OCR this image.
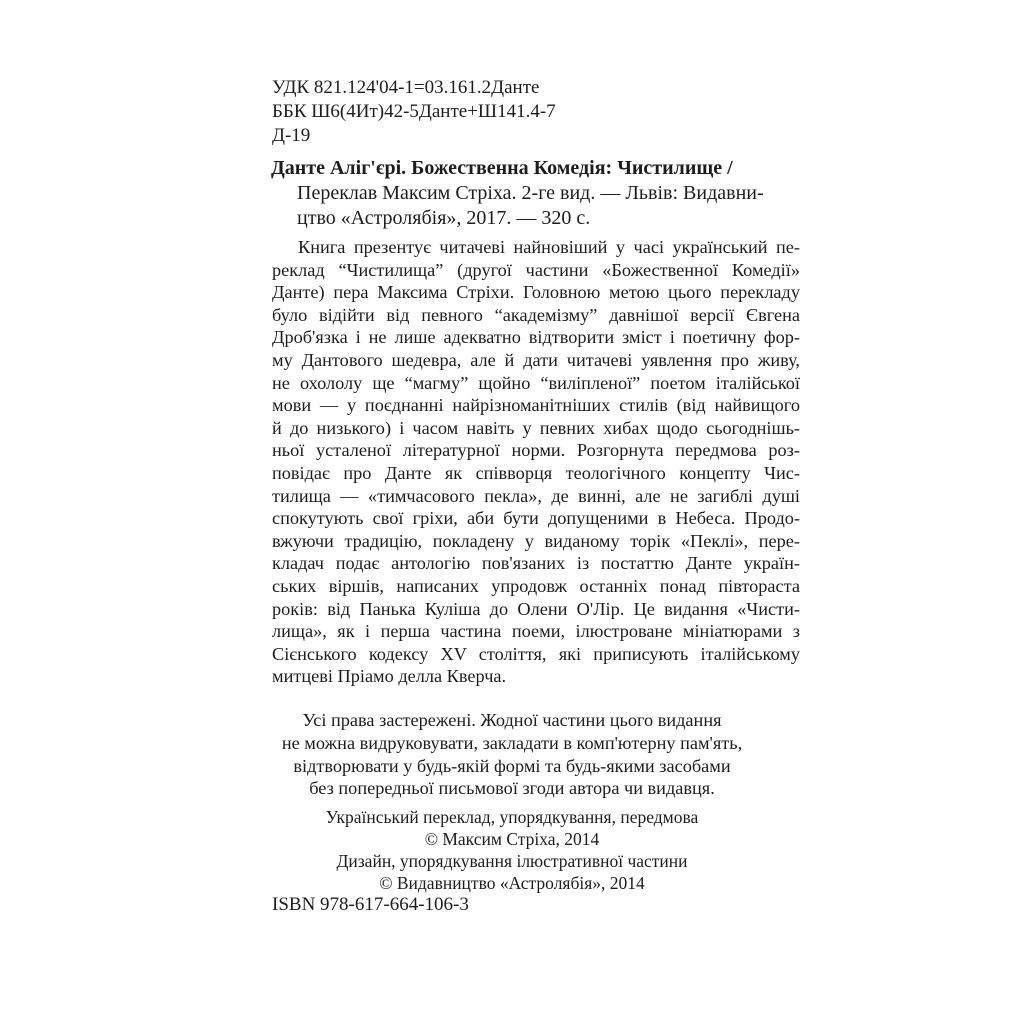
УДК 821.124'04-1=03.161.2Данте
ББК Ш6(4Ит)42-5Данте+Ш141.4-7
Д-19
Данте Аліг'єрі. Божественна Комедія: Чистилище /
Переклав Максим Стріха. 2-ге вид. — Львів: Видавни-
цтво «Астролябія», 2017. — 320 с.
Книга презентує читачеві найновіший у часі український пе-
реклад “Чистилища” (другої частини «Божественної Комедії»
Данте) пера Максима Стріхи. Головною метою цього перекладу
було відійти від певного “академізму” давнішої версії Євгена
Дроб'язка і не лише адекватно відтворити зміст і поетичну фор-
му Дантового шедевра, але й дати читачеві уявлення про живу,
не охололу ще “магму” щойно “виліпленої” поетом італійської
мови — у поєднанні найрізноманітніших стилів (від найвищого
й до низького) і часом навіть у певних хибах щодо сьогоднішь-
ньої усталеної літературної норми. Розгорнута передмова роз-
повідає про Данте як співворця теологічного концепту Чис-
тилища — «тимчасового пекла», де винні, але не загиблі душі
спокутують свої гріхи, аби бути допущеними в Небеса. Продо-
вжуючи традицію, покладену у виданому торік «Пеклі», пере-
кладач подає антологію пов'язаних із постаттю Данте україн-
ських віршів, написаних упродовж останніх понад півтораста
років: від Панька Куліша до Олени О'Лір. Це видання «Чисти-
лища», як і перша частина поеми, ілюстроване мініатюрами з
Сієнського кодексу XV століття, які приписують італійському
митцеві Пріамо делла Кверча.
Усі права застережені. Жодної частини цього видання
не можна видруковувати, закладати в комп'ютерну пам'ять,
відтворювати у будь-якій формі та будь-якими засобами
без попередньої письмової згоди автора чи видавця.
Український переклад, упорядкування, передмова
© Максим Стріха, 2014
Дизайн, упорядкування ілюстративної частини
© Видавництво «Астролябія», 2014
ISBN 978-617-664-106-3
